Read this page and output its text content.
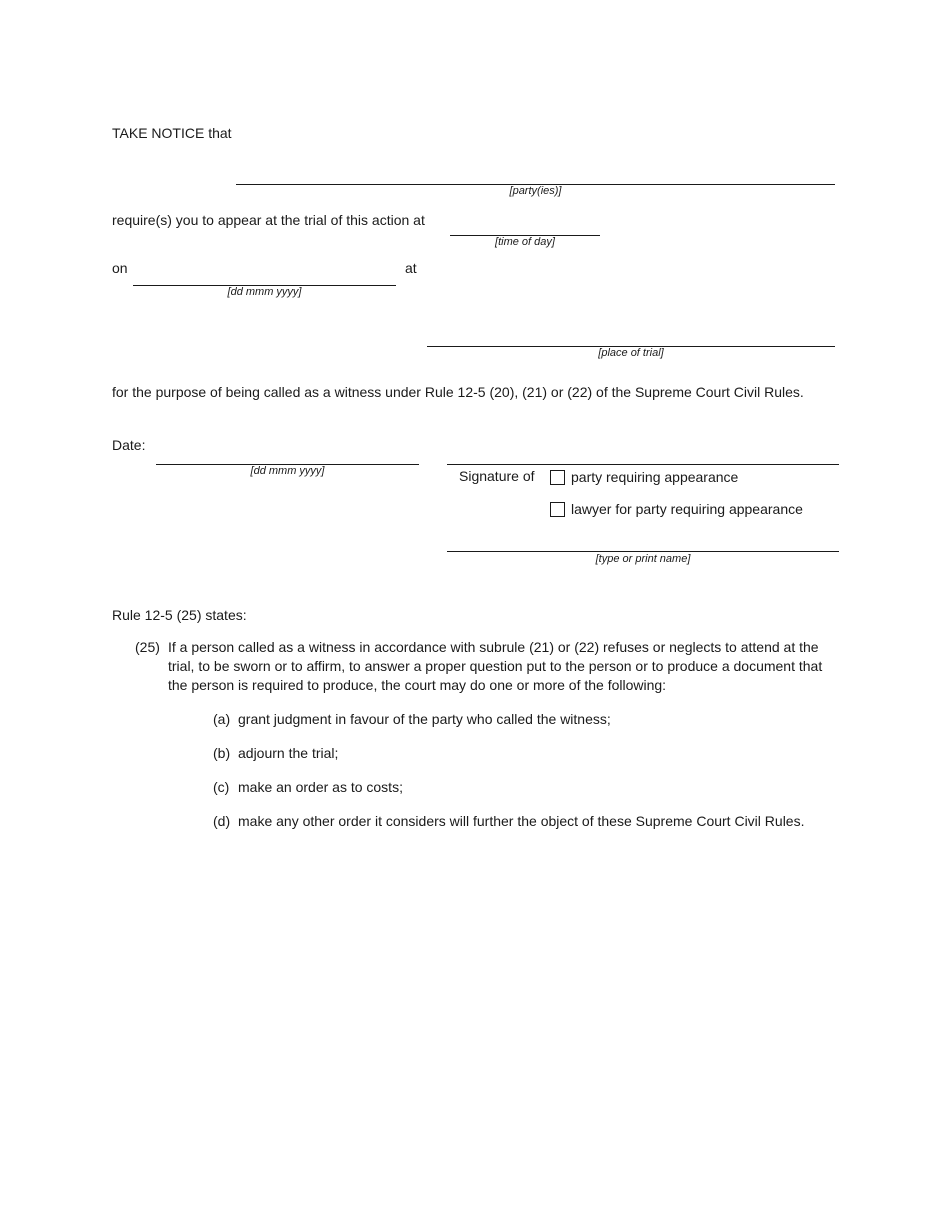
TAKE NOTICE that
[party(ies)]
require(s) you to appear at the trial of this action at
[time of day]
on
[dd mmm yyyy]
at
[place of trial]
for the purpose of being called as a witness under Rule 12-5 (20), (21) or (22) of the Supreme Court Civil Rules.
Date:
[dd mmm yyyy]	Signature of	party requiring appearance
lawyer for party requiring appearance
[type or print name]
Rule 12-5 (25) states:
(25) If a person called as a witness in accordance with subrule (21) or (22) refuses or neglects to attend at the trial, to be sworn or to affirm, to answer a proper question put to the person or to produce a document that the person is required to produce, the court may do one or more of the following:
(a) grant judgment in favour of the party who called the witness;
(b) adjourn the trial;
(c) make an order as to costs;
(d) make any other order it considers will further the object of these Supreme Court Civil Rules.
